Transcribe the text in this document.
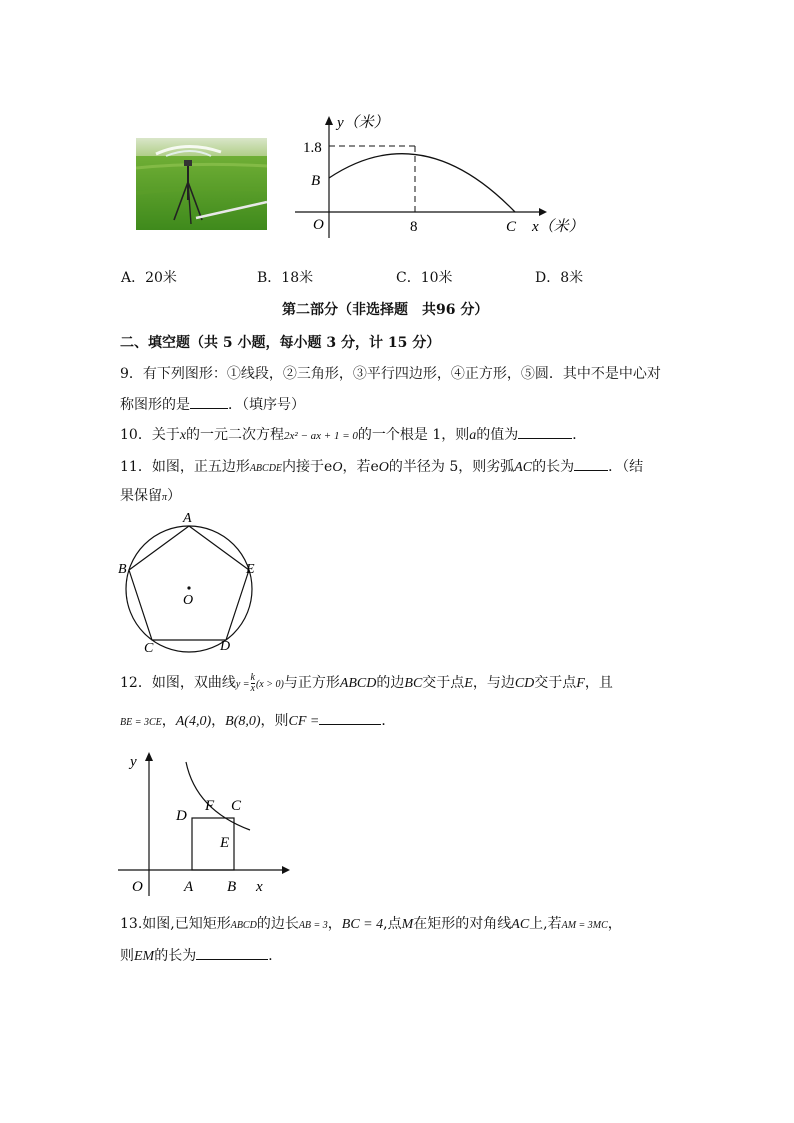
y（米）
1.8
B
O	8	C x（米）
A．20米	B．18米	C．10米	D．8米
第二部分（非选择题　共96 分）
二、填空题（共 5 小题，每小题 3 分，计 15 分）
9．有下列图形：①线段，②三角形，③平行四边形，④正方形，⑤圆．其中不是中心对
称图形的是	．（填序号）
10．关于x的一元二次方程2x² − ax + 1 = 0的一个根是 1，则a的值为	．
11．如图，正五边形ABCDE内接于eO，若eO的半径为 5，则劣弧AC的长为 ．（结
果保留π）
A
B	E
O
C	D
12．如图，双曲线$y = \frac{k}{x} (x > 0)$与正方形ABCD的边BC交于点E，与边CD交于点F，且
BE = 3CE，A(4,0)，B(8,0)，则CF =	．
y
x
O	A B
D
F C
E
13.如图,已知矩形ABCD的边长AB = 3，BC = 4,点M在矩形的对角线AC上,若AM = 3MC，
则EM的长为	．
